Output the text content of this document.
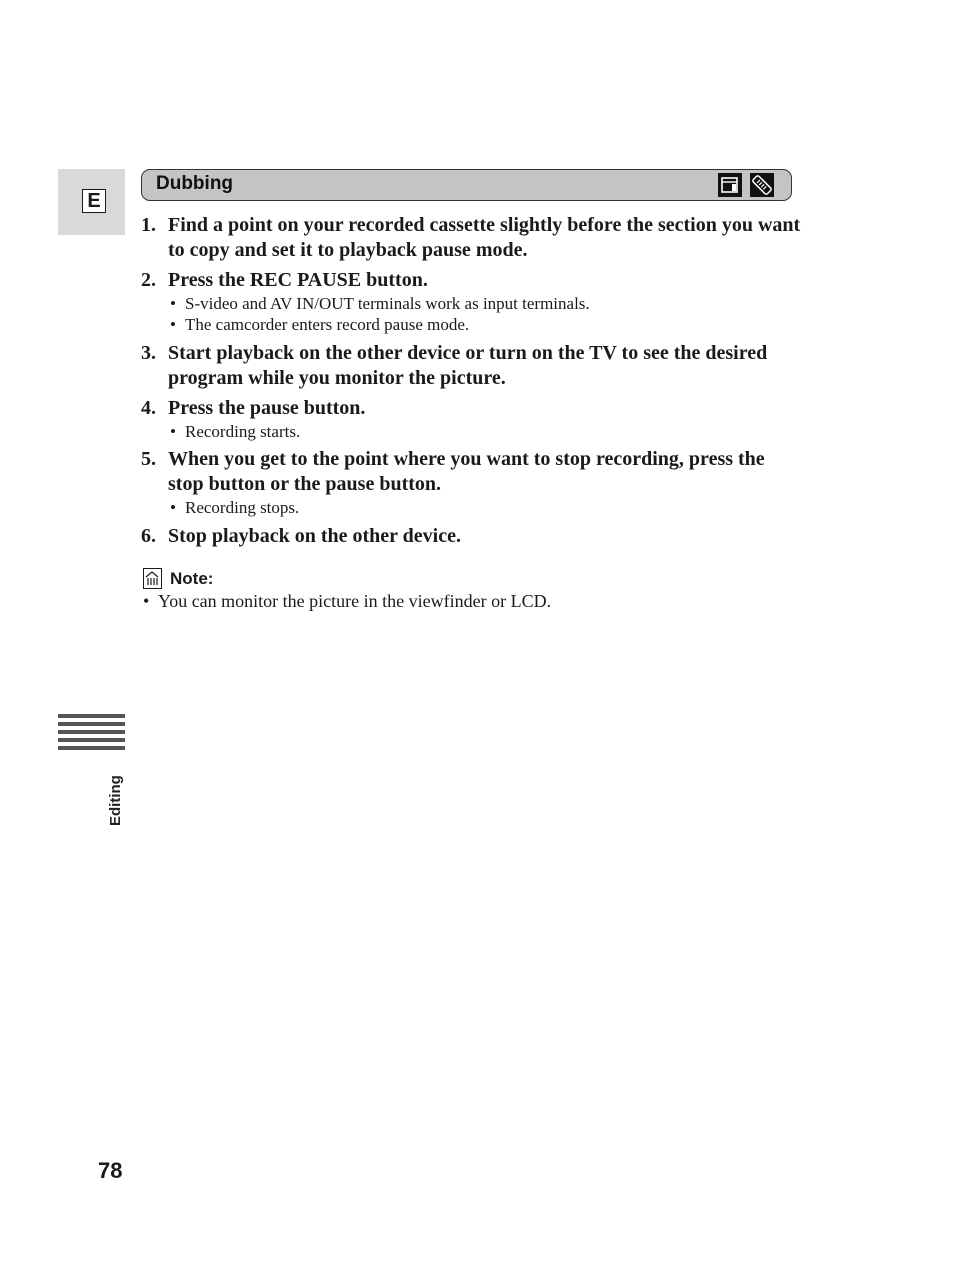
E
Dubbing
1. Find a point on your recorded cassette slightly before the section you want to copy and set it to playback pause mode.

2. Press the REC PAUSE button.

• S-video and AV IN/OUT terminals work as input terminals.

• The camcorder enters record pause mode.

3. Start playback on the other device or turn on the TV to see the desired program while you monitor the picture.

4. Press the pause button.

• Recording starts.

5. When you get to the point where you want to stop recording, press the stop button or the pause button.

• Recording stops.

6. Stop playback on the other device.

Note:
• You can monitor the picture in the viewfinder or LCD.
Editing
78
